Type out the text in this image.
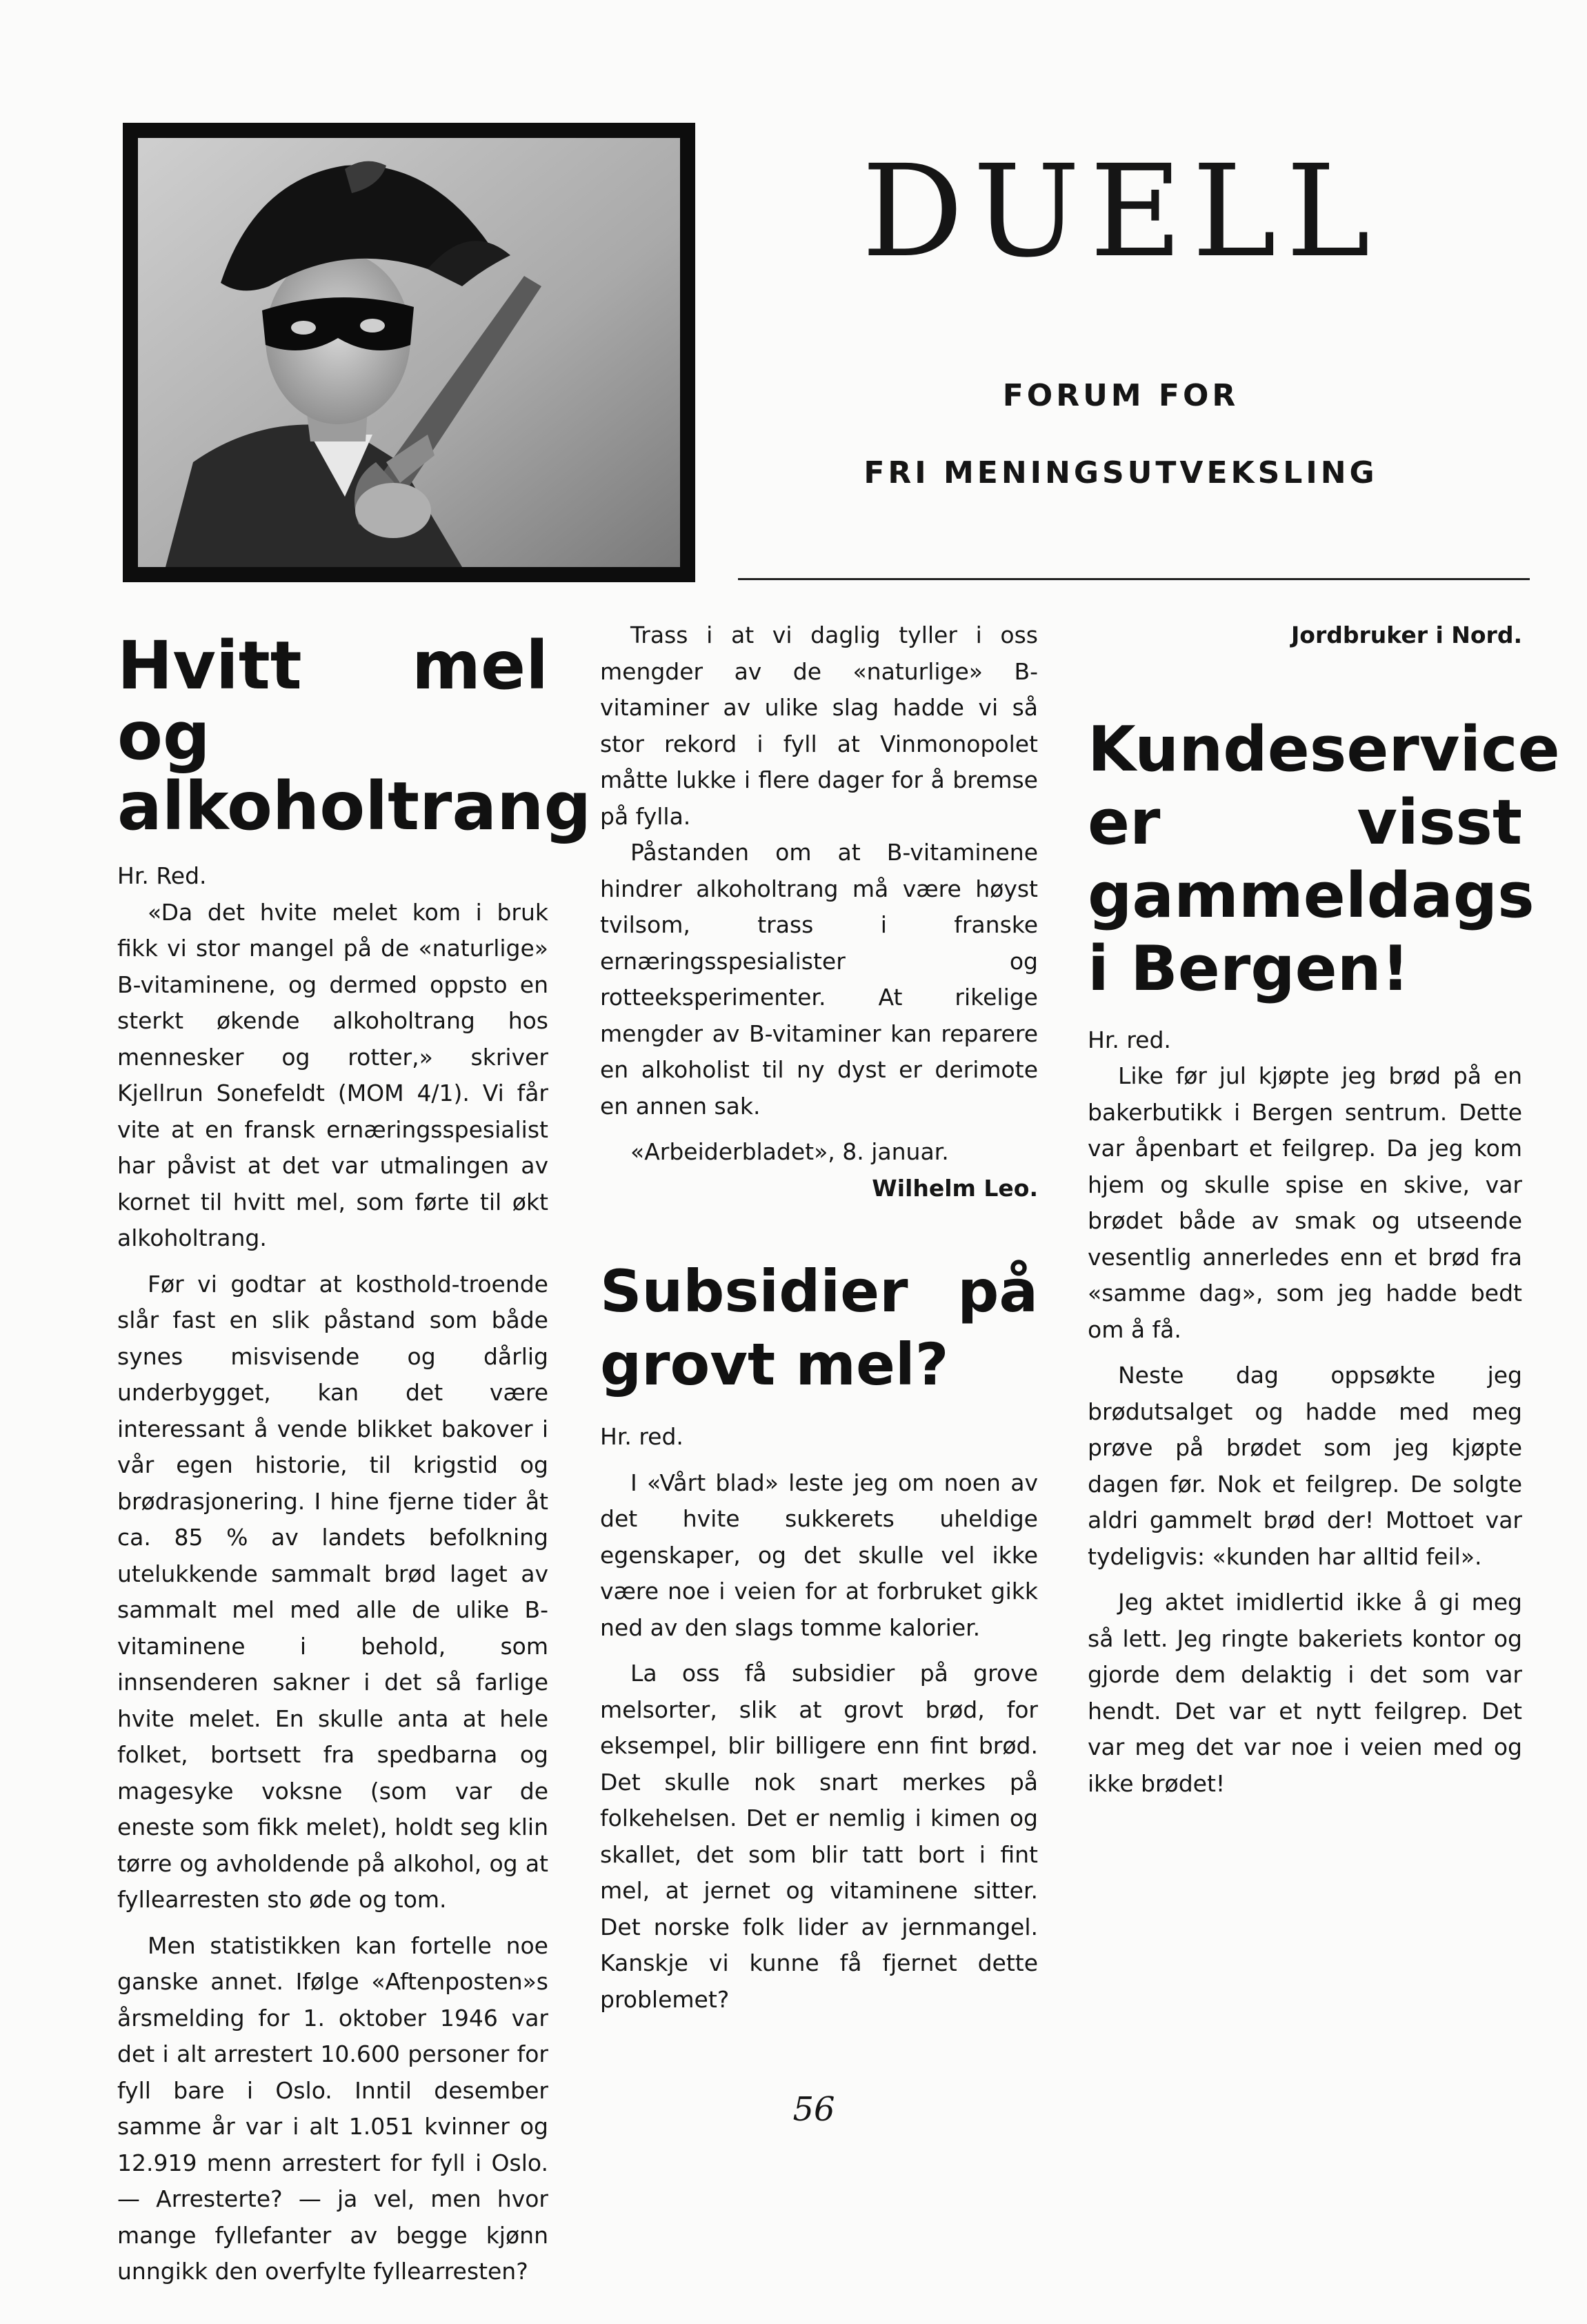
DUELL
FORUM FOR
FRI MENINGSUTVEKSLING
Hvitt mel og alkoholtrang

Hr. Red.

«Da det hvite melet kom i bruk fikk vi stor mangel på de «naturlige» B-vitaminene, og dermed oppsto en sterkt økende alkoholtrang hos mennesker og rotter,» skriver Kjellrun Sonefeldt (MOM 4/1). Vi får vite at en fransk ernæringsspesialist har påvist at det var utmalingen av kornet til hvitt mel, som førte til økt alkoholtrang.

Før vi godtar at kosthold-troende slår fast en slik påstand som både synes misvisende og dårlig underbygget, kan det være interessant å vende blikket bakover i vår egen historie, til krigstid og brødrasjonering. I hine fjerne tider åt ca. 85 % av landets befolkning utelukkende sammalt brød laget av sammalt mel med alle de ulike B-vitaminene i behold, som innsenderen sakner i det så farlige hvite melet. En skulle anta at hele folket, bortsett fra spedbarna og magesyke voksne (som var de eneste som fikk melet), holdt seg klin tørre og avholdende på alkohol, og at fyllearresten sto øde og tom.

Men statistikken kan fortelle noe ganske annet. Ifølge «Aftenposten»s årsmelding for 1. oktober 1946 var det i alt arrestert 10.600 personer for fyll bare i Oslo. Inntil desember samme år var i alt 1.051 kvinner og 12.919 menn arrestert for fyll i Oslo. — Arresterte? — ja vel, men hvor mange fyllefanter av begge kjønn unngikk den overfylte fyllearresten?

Trass i at vi daglig tyller i oss mengder av de «naturlige» B-vitaminer av ulike slag hadde vi så stor rekord i fyll at Vinmonopolet måtte lukke i flere dager for å bremse på fylla.

Påstanden om at B-vitaminene hindrer alkoholtrang må være høyst tvilsom, trass i franske ernæringsspesialister og rotteeksperimenter. At rikelige mengder av B-vitaminer kan reparere en alkoholist til ny dyst er derimote en annen sak.

«Arbeiderbladet», 8. januar.

Wilhelm Leo.

Subsidier på grovt mel?

Hr. red.

I «Vårt blad» leste jeg om noen av det hvite sukkerets uheldige egenskaper, og det skulle vel ikke være noe i veien for at forbruket gikk ned av den slags tomme kalorier.

La oss få subsidier på grove melsorter, slik at grovt brød, for eksempel, blir billigere enn fint brød. Det skulle nok snart merkes på folkehelsen. Det er nemlig i kimen og skallet, det som blir tatt bort i fint mel, at jernet og vitaminene sitter. Det norske folk lider av jernmangel. Kanskje vi kunne få fjernet dette problemet?

Jordbruker i Nord.

Kundeservice er visst gammeldags i Bergen!

Hr. red.

Like før jul kjøpte jeg brød på en bakerbutikk i Bergen sentrum. Dette var åpenbart et feilgrep. Da jeg kom hjem og skulle spise en skive, var brødet både av smak og utseende vesentlig annerledes enn et brød fra «samme dag», som jeg hadde bedt om å få.

Neste dag oppsøkte jeg brødutsalget og hadde med meg prøve på brødet som jeg kjøpte dagen før. Nok et feilgrep. De solgte aldri gammelt brød der! Mottoet var tydeligvis: «kunden har alltid feil».

Jeg aktet imidlertid ikke å gi meg så lett. Jeg ringte bakeriets kontor og gjorde dem delaktig i det som var hendt. Det var et nytt feilgrep. Det var meg det var noe i veien med og ikke brødet!

56
